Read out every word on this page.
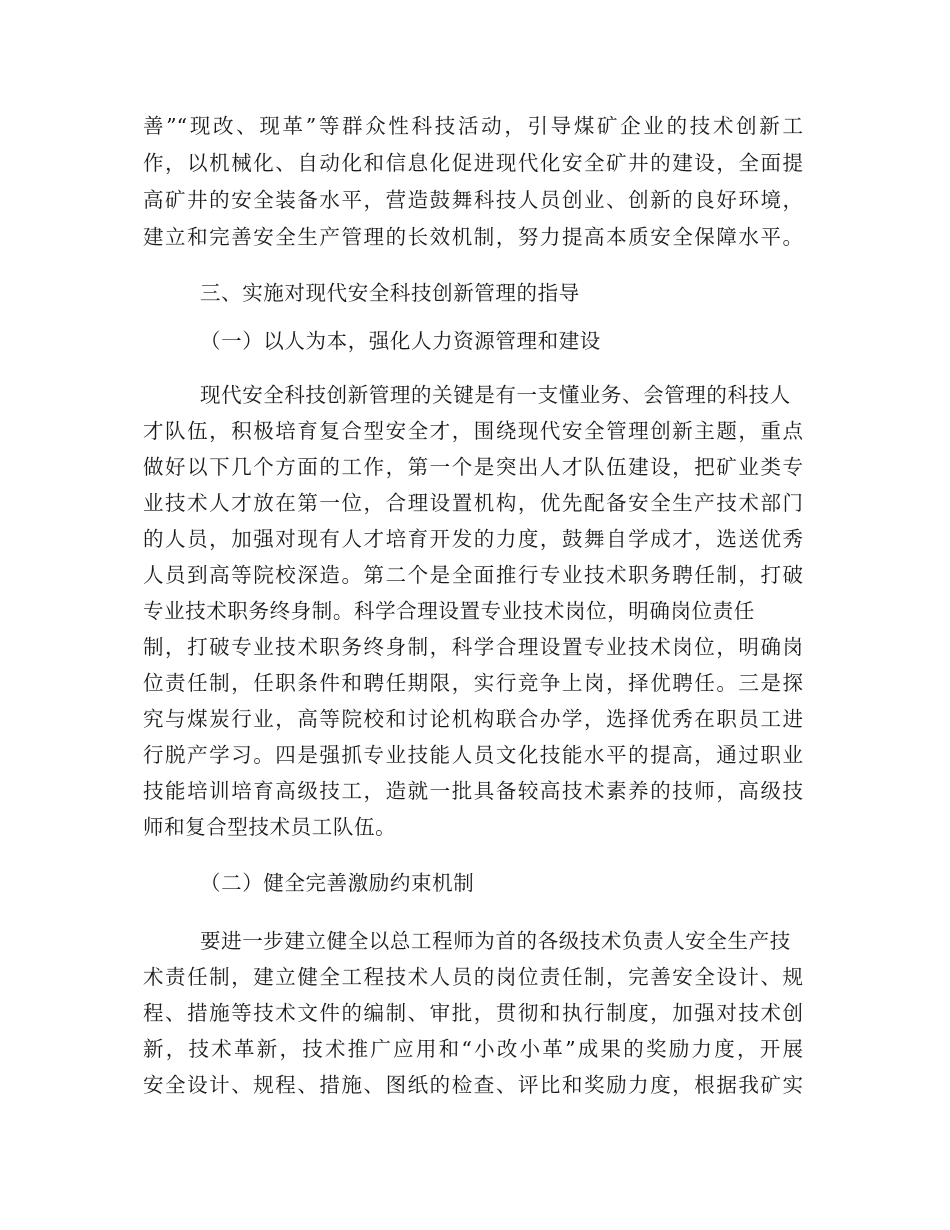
善”“现改、现革”等群众性科技活动，引导煤矿企业的技术创新工
作，以机械化、自动化和信息化促进现代化安全矿井的建设，全面提
高矿井的安全装备水平，营造鼓舞科技人员创业、创新的良好环境，
建立和完善安全生产管理的长效机制，努力提高本质安全保障水平。
三、实施对现代安全科技创新管理的指导
（一）以人为本，强化人力资源管理和建设
现代安全科技创新管理的关键是有一支懂业务、会管理的科技人
才队伍，积极培育复合型安全才，围绕现代安全管理创新主题，重点
做好以下几个方面的工作，第一个是突出人才队伍建设，把矿业类专
业技术人才放在第一位，合理设置机构，优先配备安全生产技术部门
的人员，加强对现有人才培育开发的力度，鼓舞自学成才，选送优秀
人员到高等院校深造。第二个是全面推行专业技术职务聘任制，打破
专业技术职务终身制。科学合理设置专业技术岗位，明确岗位责任
制，打破专业技术职务终身制，科学合理设置专业技术岗位，明确岗
位责任制，任职条件和聘任期限，实行竞争上岗，择优聘任。三是探
究与煤炭行业，高等院校和讨论机构联合办学，选择优秀在职员工进
行脱产学习。四是强抓专业技能人员文化技能水平的提高，通过职业
技能培训培育高级技工，造就一批具备较高技术素养的技师，高级技
师和复合型技术员工队伍。
（二）健全完善激励约束机制
要进一步建立健全以总工程师为首的各级技术负责人安全生产技
术责任制，建立健全工程技术人员的岗位责任制，完善安全设计、规
程、措施等技术文件的编制、审批，贯彻和执行制度，加强对技术创
新，技术革新，技术推广应用和“小改小革”成果的奖励力度，开展
安全设计、规程、措施、图纸的检查、评比和奖励力度，根据我矿实
